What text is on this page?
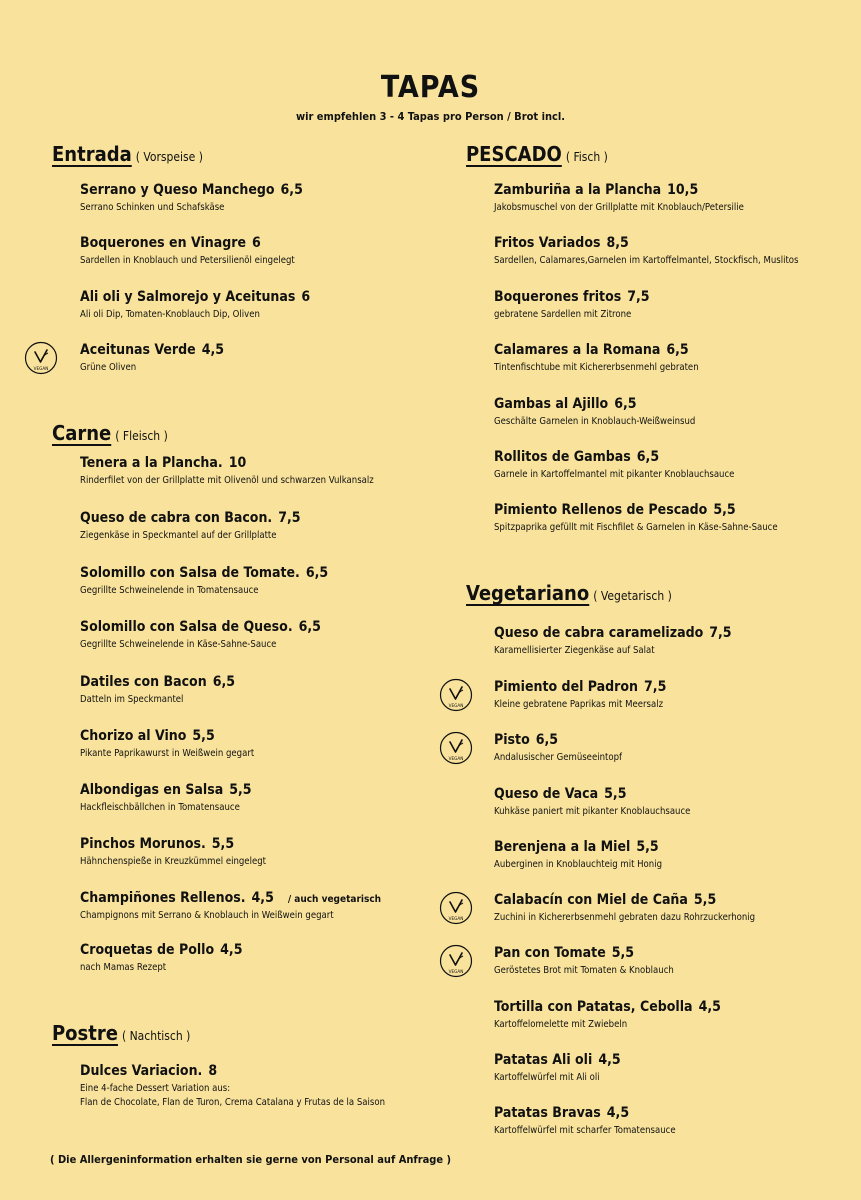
TAPAS
wir empfehlen 3 - 4 Tapas pro Person / Brot incl.
Entrada ( Vorspeise )
Serrano y Queso Manchego 6,5
Serrano Schinken und Schafskäse
Boquerones en Vinagre 6
Sardellen in Knoblauch und Petersilienöl eingelegt
Ali oli y Salmorejo y Aceitunas 6
Ali oli Dip, Tomaten-Knoblauch Dip, Oliven
Aceitunas Verde 4,5
Grüne Oliven
VEGAN
Carne ( Fleisch )
Tenera a la Plancha. 10
Rinderfilet von der Grillplatte mit Olivenöl und schwarzen Vulkansalz
Queso de cabra con Bacon. 7,5
Ziegenkäse in Speckmantel auf der Grillplatte
Solomillo con Salsa de Tomate. 6,5
Gegrillte Schweinelende in Tomatensauce
Solomillo con Salsa de Queso. 6,5
Gegrillte Schweinelende in Käse-Sahne-Sauce
Datiles con Bacon 6,5
Datteln im Speckmantel
Chorizo al Vino 5,5
Pikante Paprikawurst in Weißwein gegart
Albondigas en Salsa 5,5
Hackfleischbällchen in Tomatensauce
Pinchos Morunos. 5,5
Hähnchenspieße in Kreuzkümmel eingelegt
Champiñones Rellenos. 4,5 / auch vegetarisch
Champignons mit Serrano & Knoblauch in Weißwein gegart
Croquetas de Pollo 4,5
nach Mamas Rezept
Postre ( Nachtisch )
Dulces Variacion. 8
Eine 4-fache Dessert Variation aus:
Flan de Chocolate, Flan de Turon, Crema Catalana y Frutas de la Saison
PESCADO ( Fisch )
Zamburiña a la Plancha 10,5
Jakobsmuschel von der Grillplatte mit Knoblauch/Petersilie
Fritos Variados 8,5
Sardellen, Calamares,Garnelen im Kartoffelmantel, Stockfisch, Muslitos
Boquerones fritos 7,5
gebratene Sardellen mit Zitrone
Calamares a la Romana 6,5
Tintenfischtube mit Kichererbsenmehl gebraten
Gambas al Ajillo 6,5
Geschälte Garnelen in Knoblauch-Weißweinsud
Rollitos de Gambas 6,5
Garnele in Kartoffelmantel mit pikanter Knoblauchsauce
Pimiento Rellenos de Pescado 5,5
Spitzpaprika gefüllt mit Fischfilet & Garnelen in Käse-Sahne-Sauce
Vegetariano ( Vegetarisch )
Queso de cabra caramelizado 7,5
Karamellisierter Ziegenkäse auf Salat
Pimiento del Padron 7,5
Kleine gebratene Paprikas mit Meersalz
VEGAN
Pisto 6,5
Andalusischer Gemüseeintopf
VEGAN
Queso de Vaca 5,5
Kuhkäse paniert mit pikanter Knoblauchsauce
Berenjena a la Miel 5,5
Auberginen in Knoblauchteig mit Honig
Calabacín con Miel de Caña 5,5
Zuchini in Kichererbsenmehl gebraten dazu Rohrzuckerhonig
VEGAN
Pan con Tomate 5,5
Geröstetes Brot mit Tomaten & Knoblauch
VEGAN
Tortilla con Patatas, Cebolla 4,5
Kartoffelomelette mit Zwiebeln
Patatas Ali oli 4,5
Kartoffelwürfel mit Ali oli
Patatas Bravas 4,5
Kartoffelwürfel mit scharfer Tomatensauce
( Die Allergeninformation erhalten sie gerne von Personal auf Anfrage )
